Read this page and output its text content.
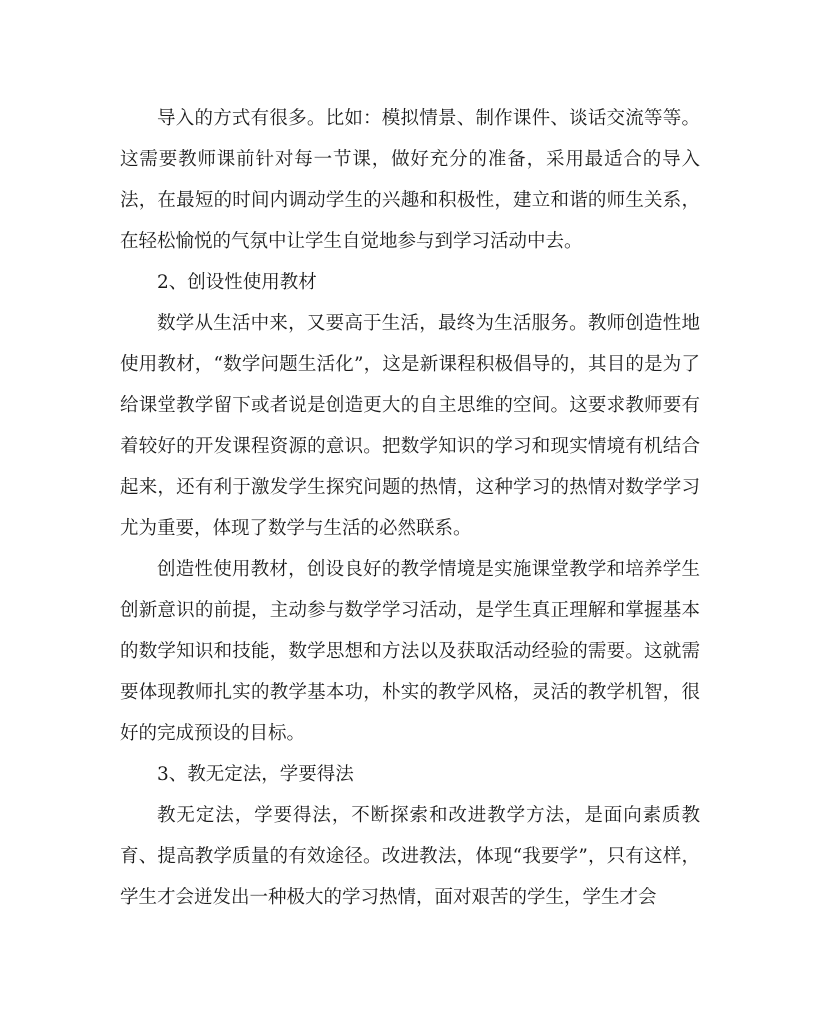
导入的方式有很多。比如：模拟情景、制作课件、谈话交流等等。这需要教师课前针对每一节课，做好充分的准备，采用最适合的导入法，在最短的时间内调动学生的兴趣和积极性，建立和谐的师生关系，在轻松愉悦的气氛中让学生自觉地参与到学习活动中去。

2、创设性使用教材

数学从生活中来，又要高于生活，最终为生活服务。教师创造性地使用教材，“数学问题生活化”，这是新课程积极倡导的，其目的是为了给课堂教学留下或者说是创造更大的自主思维的空间。这要求教师要有着较好的开发课程资源的意识。把数学知识的学习和现实情境有机结合起来，还有利于激发学生探究问题的热情，这种学习的热情对数学学习尤为重要，体现了数学与生活的必然联系。

创造性使用教材，创设良好的教学情境是实施课堂教学和培养学生创新意识的前提，主动参与数学学习活动，是学生真正理解和掌握基本的数学知识和技能，数学思想和方法以及获取活动经验的需要。这就需要体现教师扎实的教学基本功，朴实的教学风格，灵活的教学机智，很好的完成预设的目标。

3、教无定法，学要得法

教无定法，学要得法，不断探索和改进教学方法，是面向素质教育、提高教学质量的有效途径。改进教法，体现“我要学”，只有这样，学生才会迸发出一种极大的学习热情，面对艰苦的学生，学生才会
